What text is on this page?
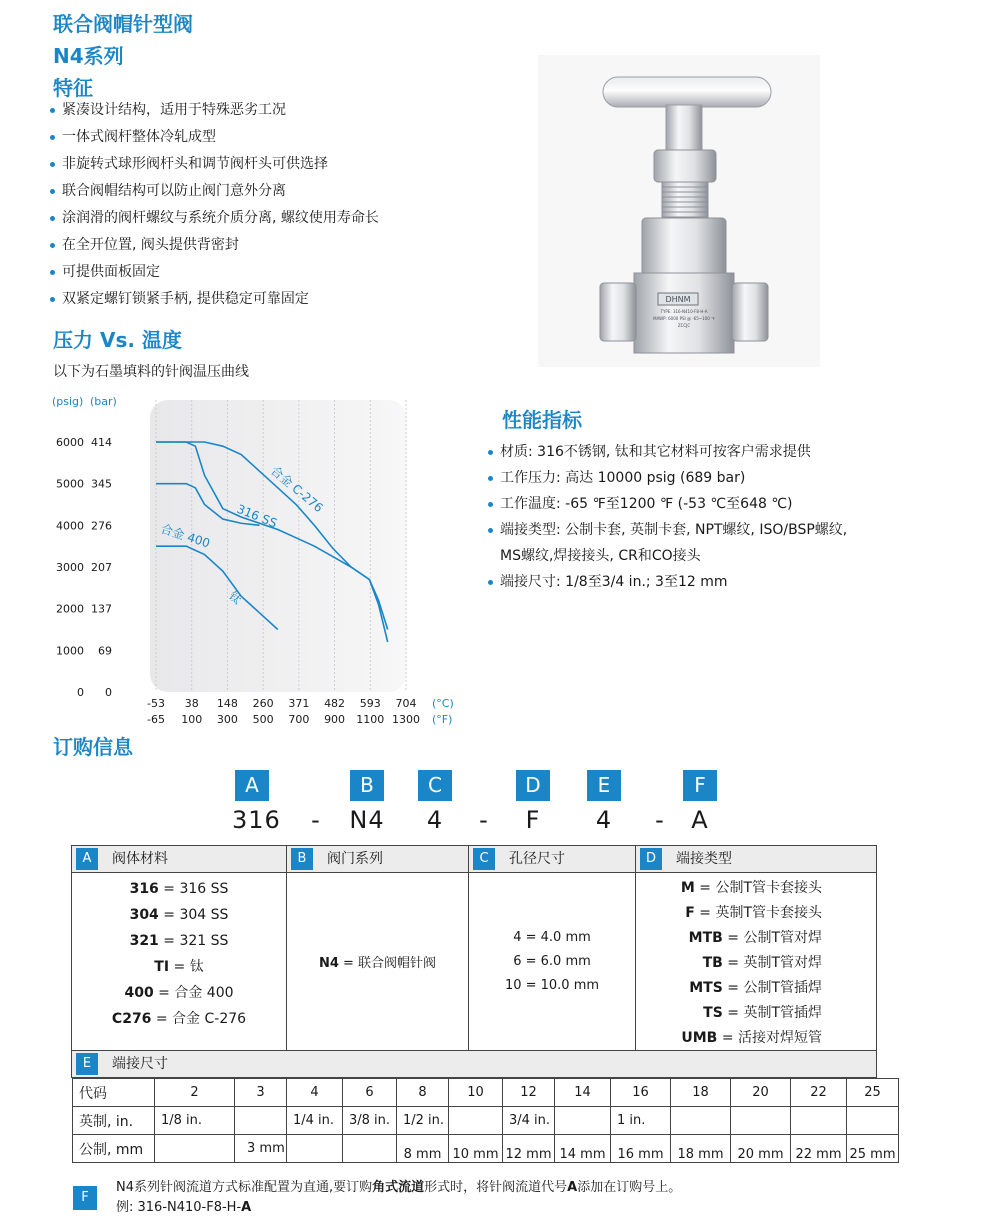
联合阀帽针型阀
N4系列
特征
紧凑设计结构，适用于特殊恶劣工况
一体式阀杆整体冷轧成型
非旋转式球形阀杆头和调节阀杆头可供选择
联合阀帽结构可以防止阀门意外分离
涂润滑的阀杆螺纹与系统介质分离, 螺纹使用寿命长
在全开位置, 阀头提供背密封
可提供面板固定
双紧定螺钉锁紧手柄, 提供稳定可靠固定	DHNM
TYPE: 316-N410-F8-H-A
MAWP: 6000 PSI @ -65~100 ℉
ZCCJC
压力 Vs. 温度
以下为石墨填料的针阀温压曲线
(psig) (bar)
(°C)
(°F)
6000 414
5000 345
4000 276
3000 207
2000 137
1000 69
0 0
-53
-65
38
100
148
300
260
500
371
700
482
900
593
1100
704
1300
合金 C-276
316 SS
合金 400
钛
性能指标
材质: 316不锈钢, 钛和其它材料可按客户需求提供
工作压力: 高达 10000 psig (689 bar)
工作温度: -65 ℉至1200 ℉ (-53 ℃至648 ℃)
端接类型: 公制卡套, 英制卡套, NPT螺纹, ISO/BSP螺纹,
MS螺纹,焊接接头, CR和CO接头
端接尺寸: 1/8至3/4 in.; 3至12 mm
订购信息
A	B	C	D	E	F
316	-	N4	4	-	F	4	-	A
A	阀体材料	B	阀门系列	C	孔径尺寸	D	端接类型
316 = 316 SS
304 = 304 SS
321 = 321 SS
TI = 钛
400 = 合金 400
C276 = 合金 C-276
N4 = 联合阀帽针阀
4 = 4.0 mm
6 = 6.0 mm
10 = 10.0 mm
M = 公制T管卡套接头
F = 英制T管卡套接头
MTB = 公制T管对焊
TB = 英制T管对焊
MTS = 公制T管插焊
TS = 英制T管插焊
UMB = 活接对焊短管
E	端接尺寸
代码	2	3	4	6	8	10	12	14	16	18	20	22	25
英制, in.	1/8 in.		1/4 in.	3/8 in.	1/2 in.		3/4 in.		1 in.				
公制, mm		3 mm			8 mm	10 mm	12 mm	14 mm	16 mm	18 mm	20 mm	22 mm	25 mm
F
N4系列针阀流道方式标准配置为直通,要订购角式流道形式时，将针阀流道代号A添加在订购号上。
例: 316-N410-F8-H-A
